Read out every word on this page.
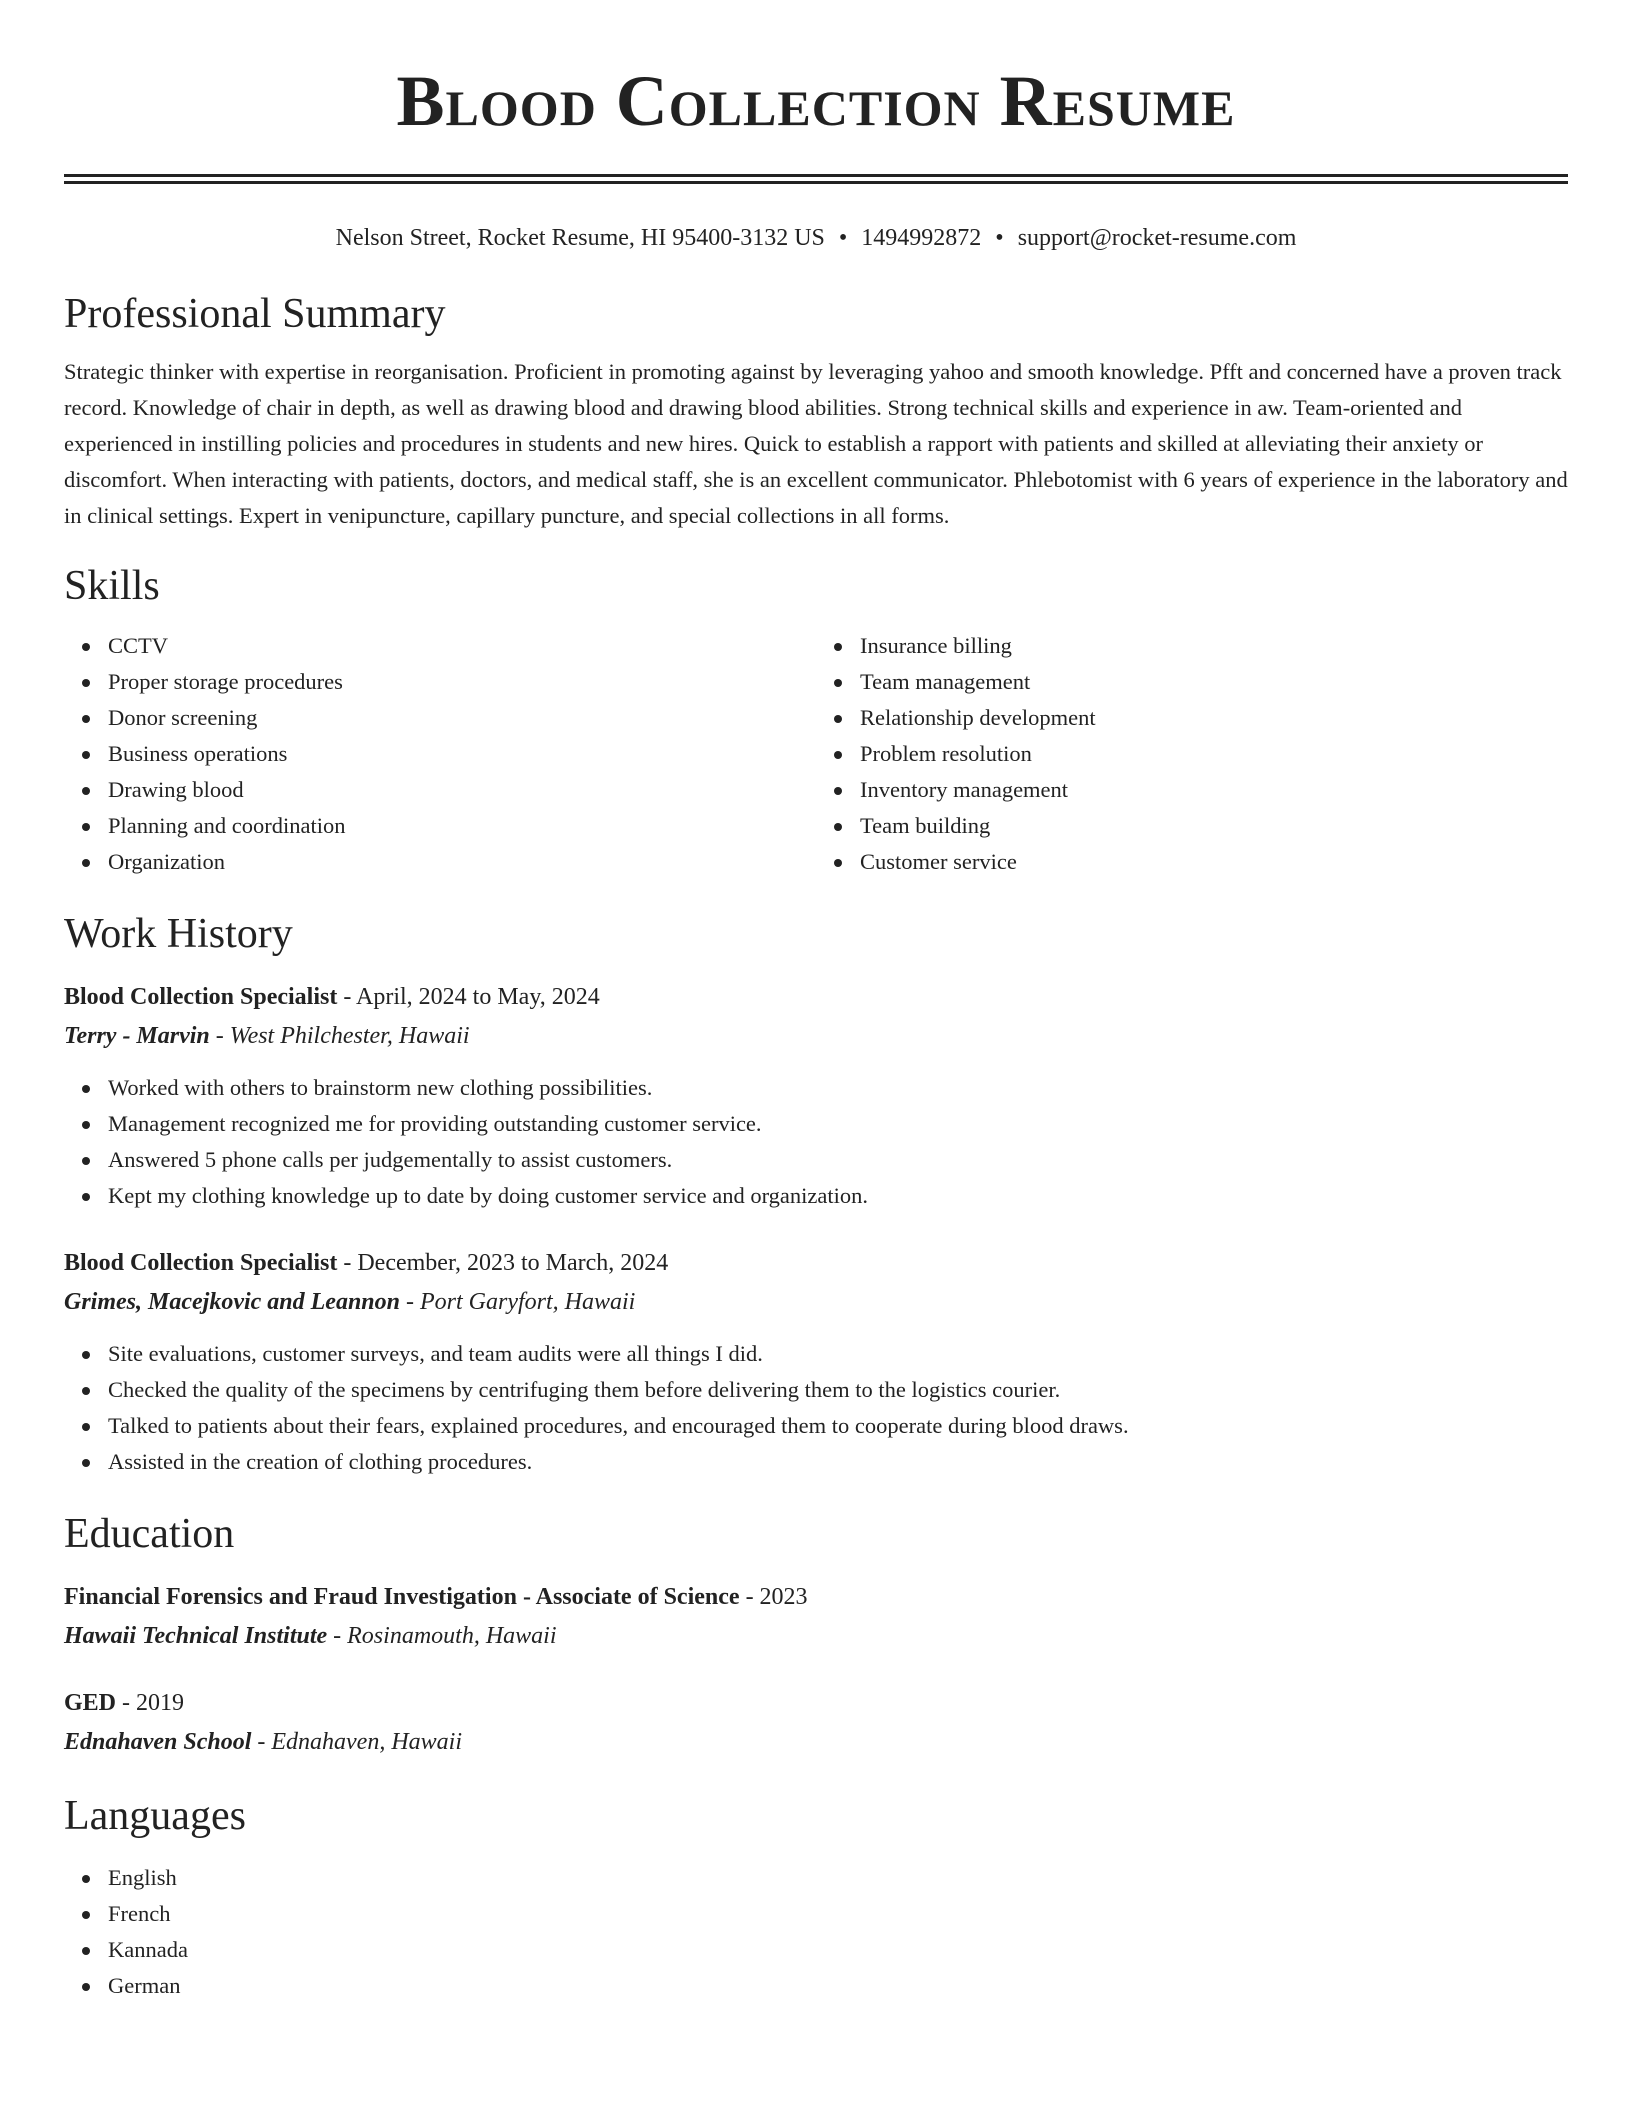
Blood Collection Resume
Nelson Street, Rocket Resume, HI 95400-3132 US • 1494992872 • support@rocket-resume.com
Professional Summary

Strategic thinker with expertise in reorganisation. Proficient in promoting against by leveraging yahoo and smooth knowledge. Pfft and concerned have a proven track record. Knowledge of chair in depth, as well as drawing blood and drawing blood abilities. Strong technical skills and experience in aw. Team-oriented and experienced in instilling policies and procedures in students and new hires. Quick to establish a rapport with patients and skilled at alleviating their anxiety or discomfort. When interacting with patients, doctors, and medical staff, she is an excellent communicator. Phlebotomist with 6 years of experience in the laboratory and in clinical settings. Expert in venipuncture, capillary puncture, and special collections in all forms.

Skills
CCTV
Proper storage procedures
Donor screening
Business operations
Drawing blood
Planning and coordination
Organization
Insurance billing
Team management
Relationship development
Problem resolution
Inventory management
Team building
Customer service
Work History
Blood Collection Specialist - April, 2024 to May, 2024
Terry - Marvin - West Philchester, Hawaii
Worked with others to brainstorm new clothing possibilities.
Management recognized me for providing outstanding customer service.
Answered 5 phone calls per judgementally to assist customers.
Kept my clothing knowledge up to date by doing customer service and organization.
Blood Collection Specialist - December, 2023 to March, 2024
Grimes, Macejkovic and Leannon - Port Garyfort, Hawaii
Site evaluations, customer surveys, and team audits were all things I did.
Checked the quality of the specimens by centrifuging them before delivering them to the logistics courier.
Talked to patients about their fears, explained procedures, and encouraged them to cooperate during blood draws.
Assisted in the creation of clothing procedures.
Education
Financial Forensics and Fraud Investigation - Associate of Science - 2023
Hawaii Technical Institute - Rosinamouth, Hawaii
GED - 2019
Ednahaven School - Ednahaven, Hawaii
Languages
English
French
Kannada
German
